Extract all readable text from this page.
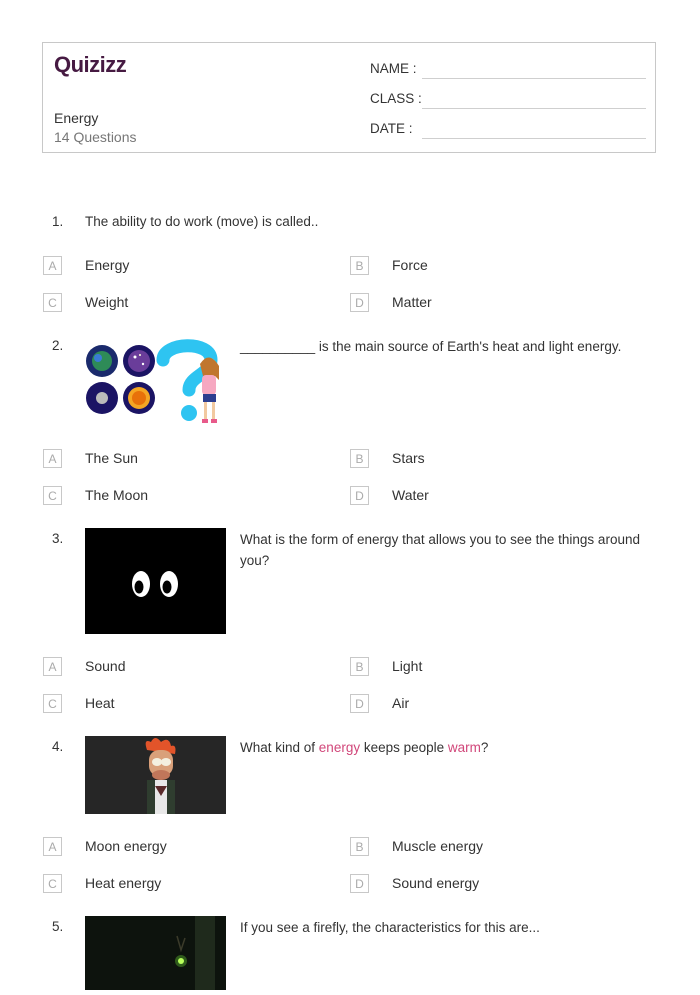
Quizizz
Energy
14 Questions
NAME :
CLASS :
DATE :
1. The ability to do work (move) is called..
A	Energy	B	Force
C	Weight	D	Matter
2.	__________ is the main source of Earth's heat and light energy.
A	The Sun	B	Stars
C	The Moon	D	Water
3.	What is the form of energy that allows you to see the things around you?
A	Sound	B	Light
C	Heat	D	Air
4.	What kind of energy keeps people warm?
A	Moon energy	B	Muscle energy
C	Heat energy	D	Sound energy
5.	If you see a firefly, the characteristics for this are...
